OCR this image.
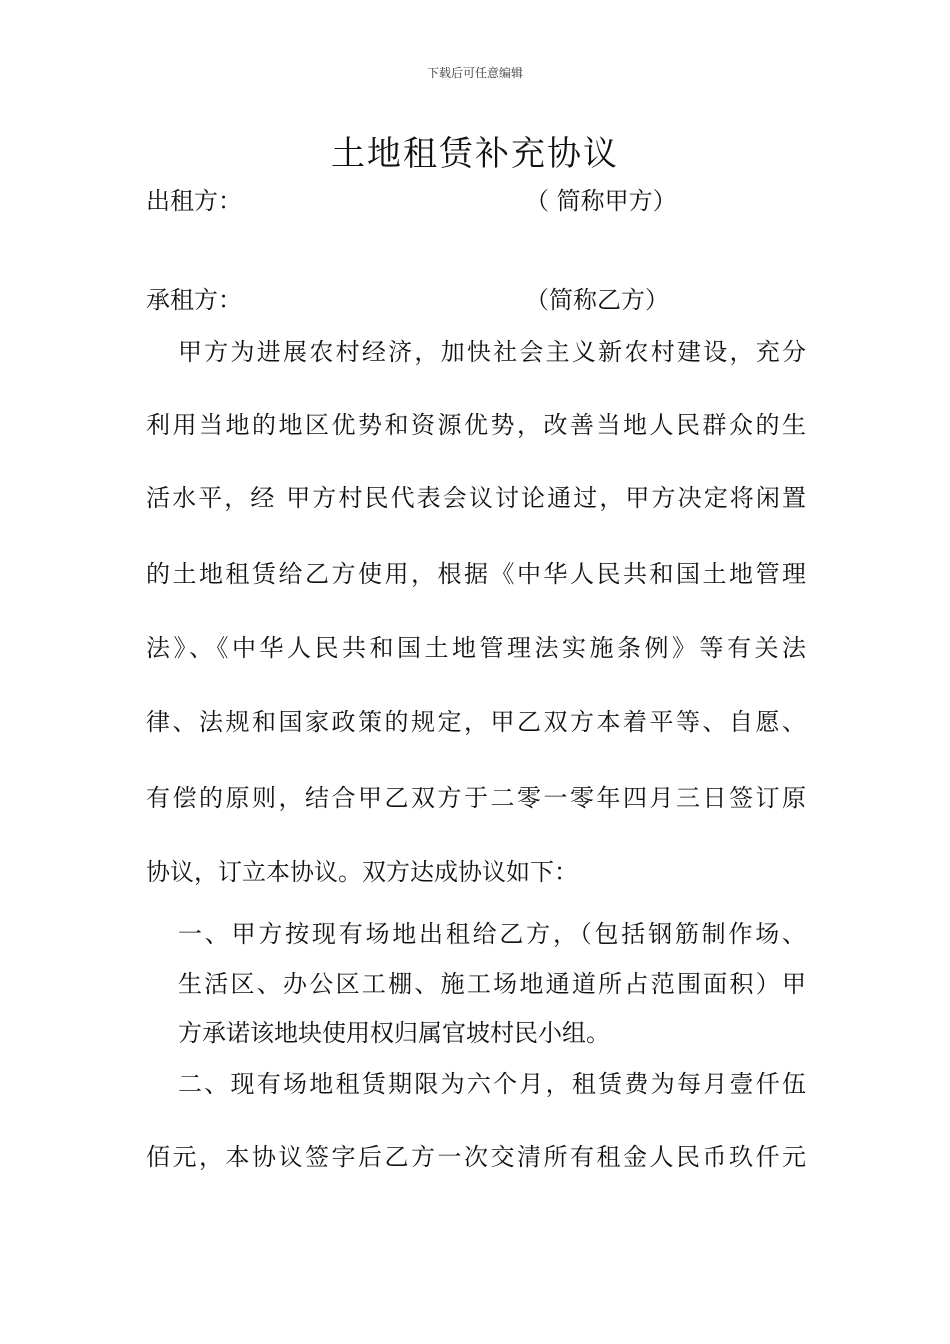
下载后可任意编辑
土地租赁补充协议
出租方：	（ 简称甲方）
承租方：	（简称乙方）
甲方为进展农村经济，加快社会主义新农村建设，充分
利用当地的地区优势和资源优势，改善当地人民群众的生
活水平，经 甲方村民代表会议讨论通过，甲方决定将闲置
的土地租赁给乙方使用，根据《中华人民共和国土地管理
法》、《中华人民共和国土地管理法实施条例》等有关法
律、法规和国家政策的规定，甲乙双方本着平等、自愿、
有偿的原则，结合甲乙双方于二零一零年四月三日签订原
协议，订立本协议。双方达成协议如下：
一、甲方按现有场地出租给乙方，（包括钢筋制作场、
生活区、办公区工棚、施工场地通道所占范围面积）甲
方承诺该地块使用权归属官坡村民小组。
二、现有场地租赁期限为六个月，租赁费为每月壹仟伍
佰元，本协议签字后乙方一次交清所有租金人民币玖仟元
